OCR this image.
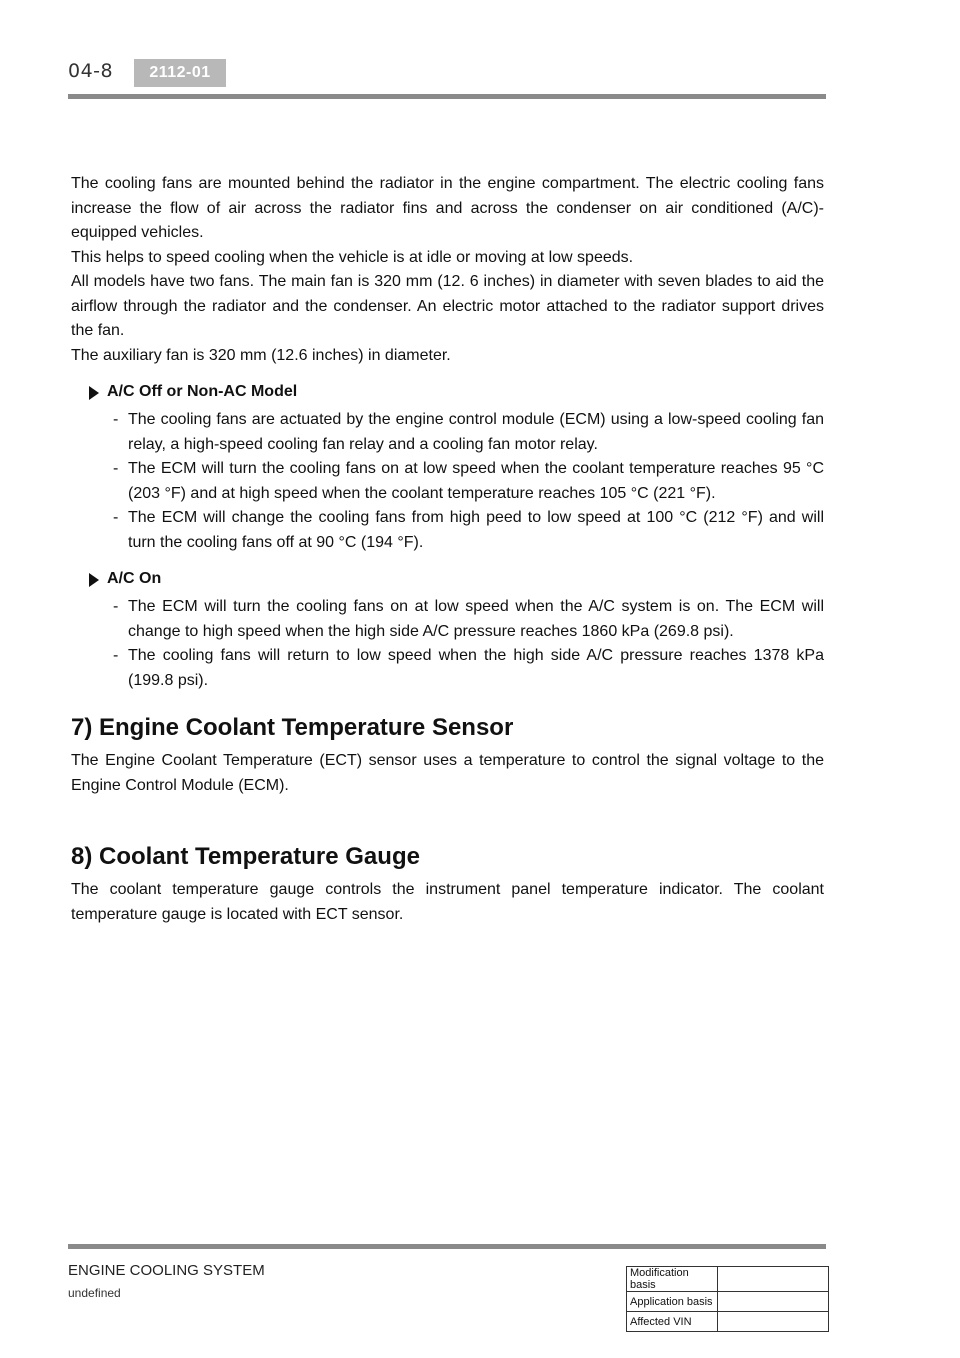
04-8	2112-01

The cooling fans are mounted behind the radiator in the engine compartment. The electric cooling fans increase the flow of air across the radiator fins and across the condenser on air conditioned (A/C)-equipped vehicles.

This helps to speed cooling when the vehicle is at idle or moving at low speeds.

All models have two fans. The main fan is 320 mm (12. 6 inches) in diameter with seven blades to aid the airflow through the radiator and the condenser. An electric motor attached to the radiator support drives the fan.

The auxiliary fan is 320 mm (12.6 inches) in diameter.

A/C Off or Non-AC Model
- The cooling fans are actuated by the engine control module (ECM) using a low-speed cooling fan relay, a high-speed cooling fan relay and a cooling fan motor relay.
- The ECM will turn the cooling fans on at low speed when the coolant temperature reaches 95 °C (203 °F) and at high speed when the coolant temperature reaches 105 °C (221 °F).
- The ECM will change the cooling fans from high peed to low speed at 100 °C (212 °F) and will turn the cooling fans off at 90 °C (194 °F).
A/C On
- The ECM will turn the cooling fans on at low speed when the A/C system is on. The ECM will change to high speed when the high side A/C pressure reaches 1860 kPa (269.8 psi).
- The cooling fans will return to low speed when the high side A/C pressure reaches 1378 kPa (199.8 psi).
7) Engine Coolant Temperature Sensor

The Engine Coolant Temperature (ECT) sensor uses a temperature to control the signal voltage to the Engine Control Module (ECM).

8) Coolant Temperature Gauge

The coolant temperature gauge controls the instrument panel temperature indicator. The coolant temperature gauge is located with ECT sensor.

ENGINE COOLING SYSTEM
undefined
Modification basis	
Application basis	
Affected VIN	
